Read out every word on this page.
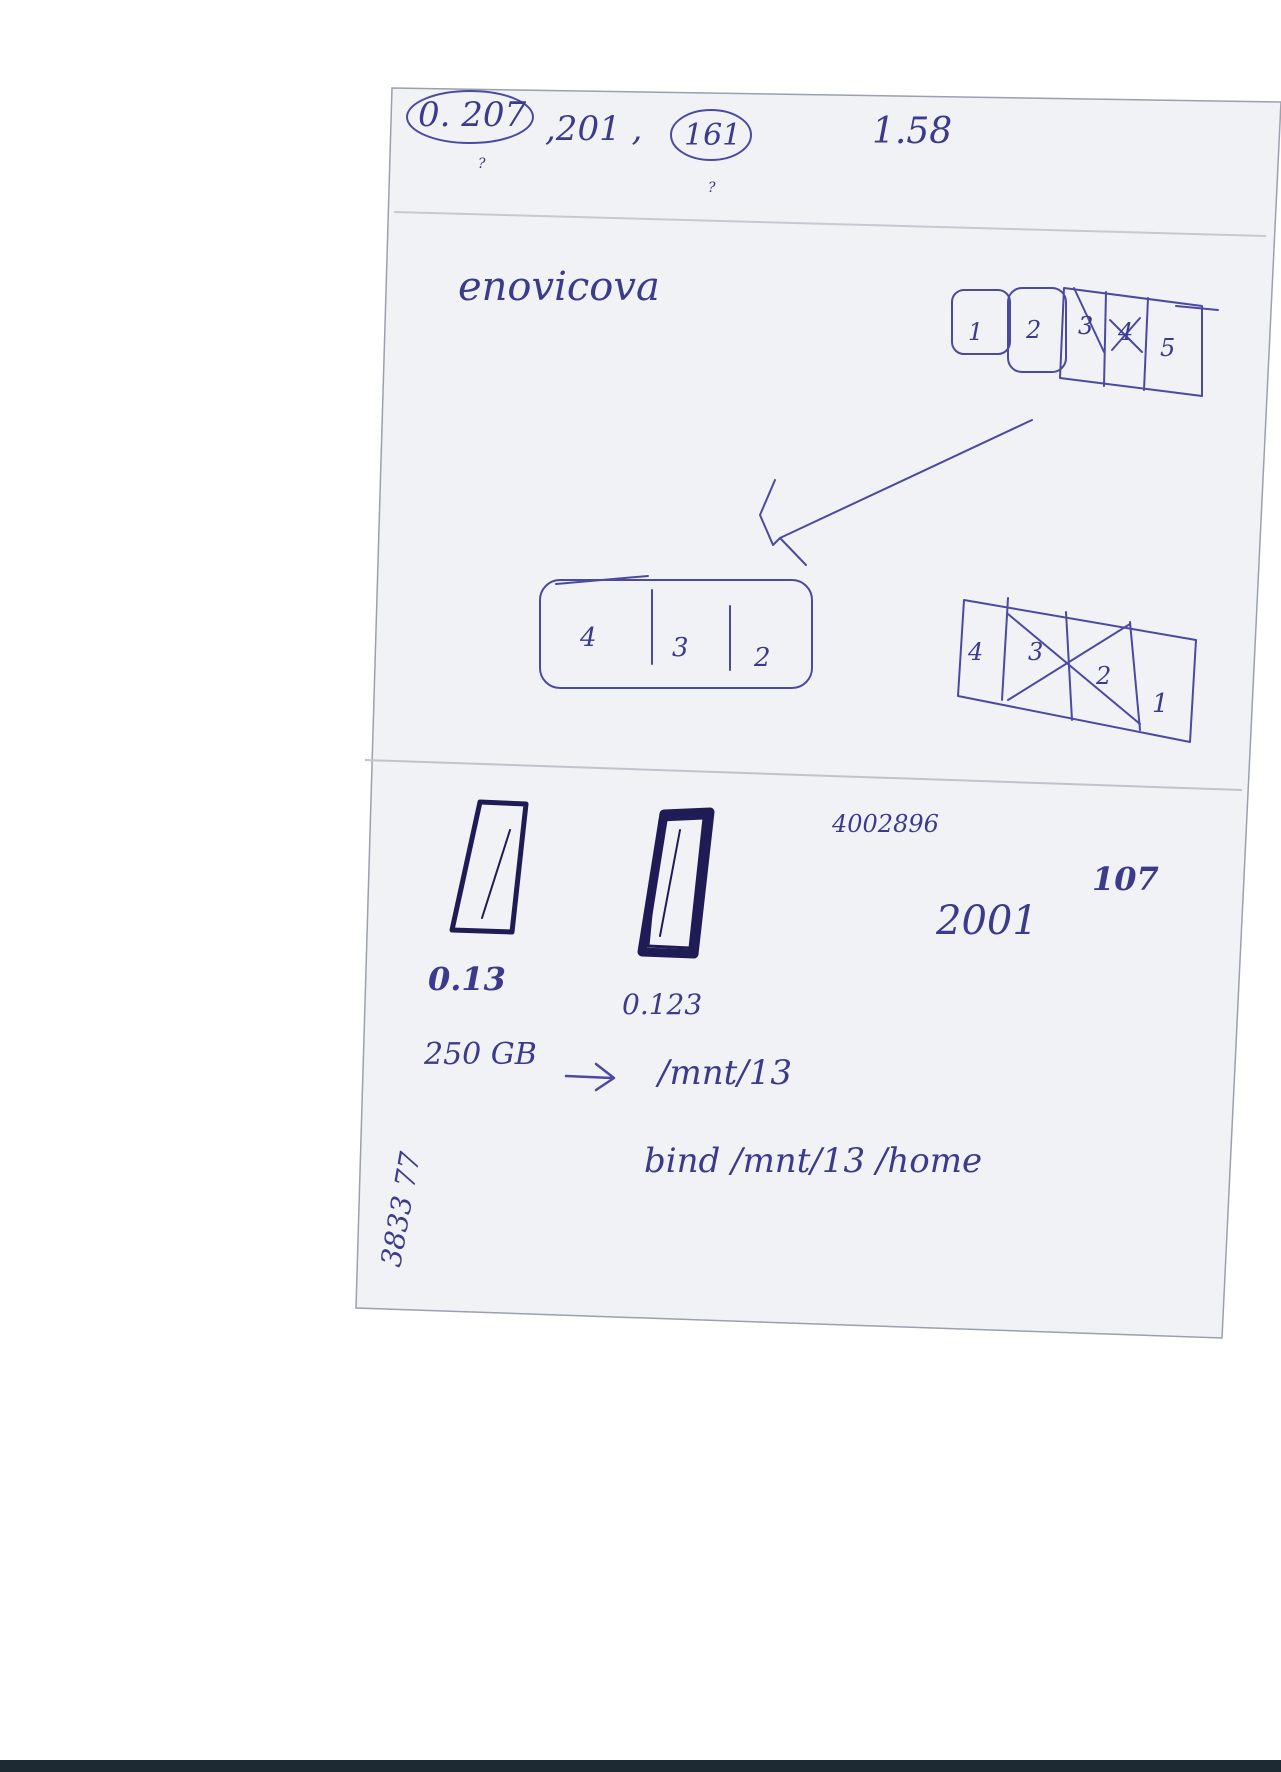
0. 207 ,201 , 161	1.58
?
?
enovicova
1 2 3 4
5
4	3	2	4 3
2
1
0.13
0.123
4002896
2001
107
250 GB	/mnt/13
bind /mnt/13 /home
3833 77
